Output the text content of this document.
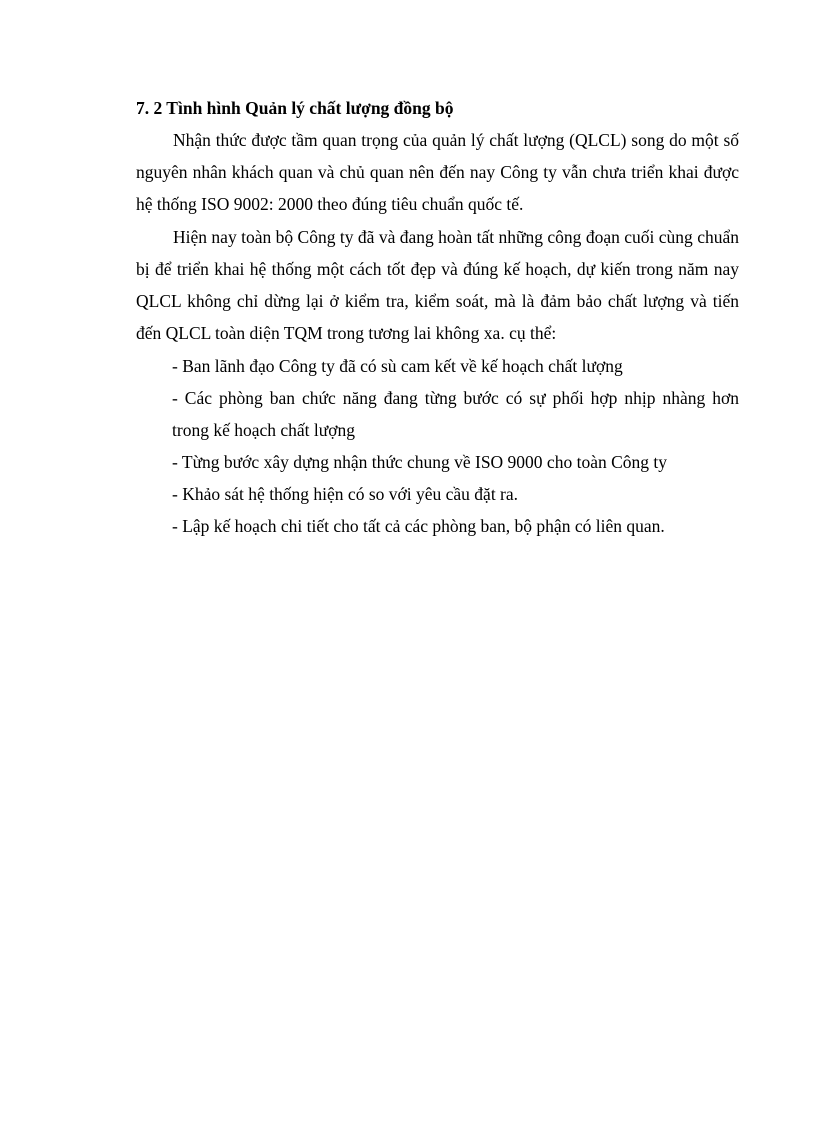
7. 2 Tình hình Quản lý chất lượng đồng bộ

Nhận thức được tầm quan trọng của quản lý chất lượng (QLCL) song do một số nguyên nhân khách quan và chủ quan nên đến nay Công ty vẫn chưa triển khai được hệ thống ISO 9002: 2000 theo đúng tiêu chuẩn quốc tế.

Hiện nay toàn bộ Công ty đã và đang hoàn tất những công đoạn cuối cùng chuẩn bị để triển khai hệ thống một cách tốt đẹp và đúng kế hoạch, dự kiến trong năm nay QLCL không chỉ dừng lại ở kiểm tra, kiểm soát, mà là đảm bảo chất lượng và tiến đến QLCL toàn diện TQM trong tương lai không xa. cụ thể:

- Ban lãnh đạo Công ty đã có sù cam kết về kế hoạch chất lượng
- Các phòng ban chức năng đang từng bước có sự phối hợp nhịp nhàng hơn trong kế hoạch chất lượng
- Từng bước xây dựng nhận thức chung về ISO 9000 cho toàn Công ty
- Khảo sát hệ thống hiện có so với yêu cầu đặt ra.
- Lập kế hoạch chi tiết cho tất cả các phòng ban, bộ phận có liên quan.
